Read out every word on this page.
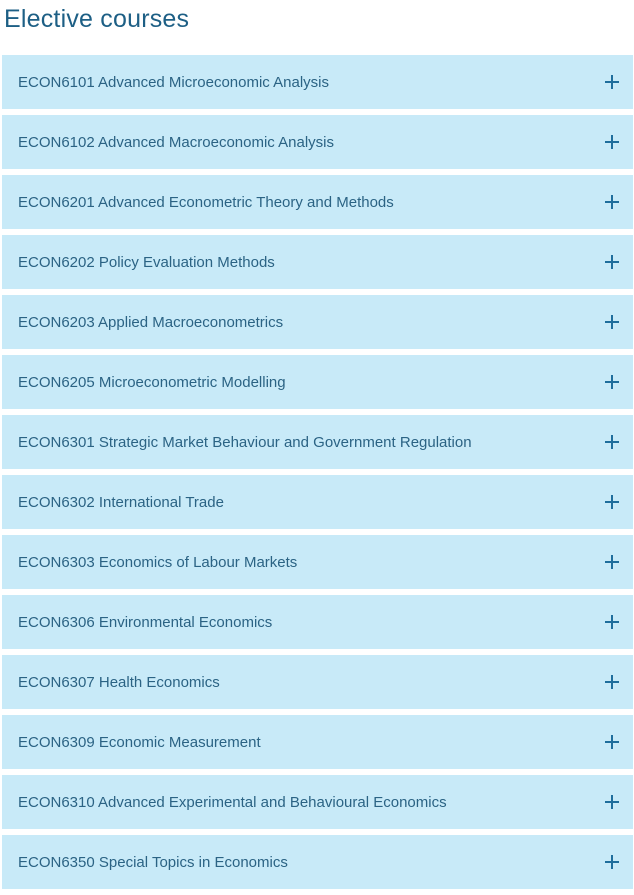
Elective courses
ECON6101 Advanced Microeconomic Analysis
ECON6102 Advanced Macroeconomic Analysis
ECON6201 Advanced Econometric Theory and Methods
ECON6202 Policy Evaluation Methods
ECON6203 Applied Macroeconometrics
ECON6205 Microeconometric Modelling
ECON6301 Strategic Market Behaviour and Government Regulation
ECON6302 International Trade
ECON6303 Economics of Labour Markets
ECON6306 Environmental Economics
ECON6307 Health Economics
ECON6309 Economic Measurement
ECON6310 Advanced Experimental and Behavioural Economics
ECON6350 Special Topics in Economics
